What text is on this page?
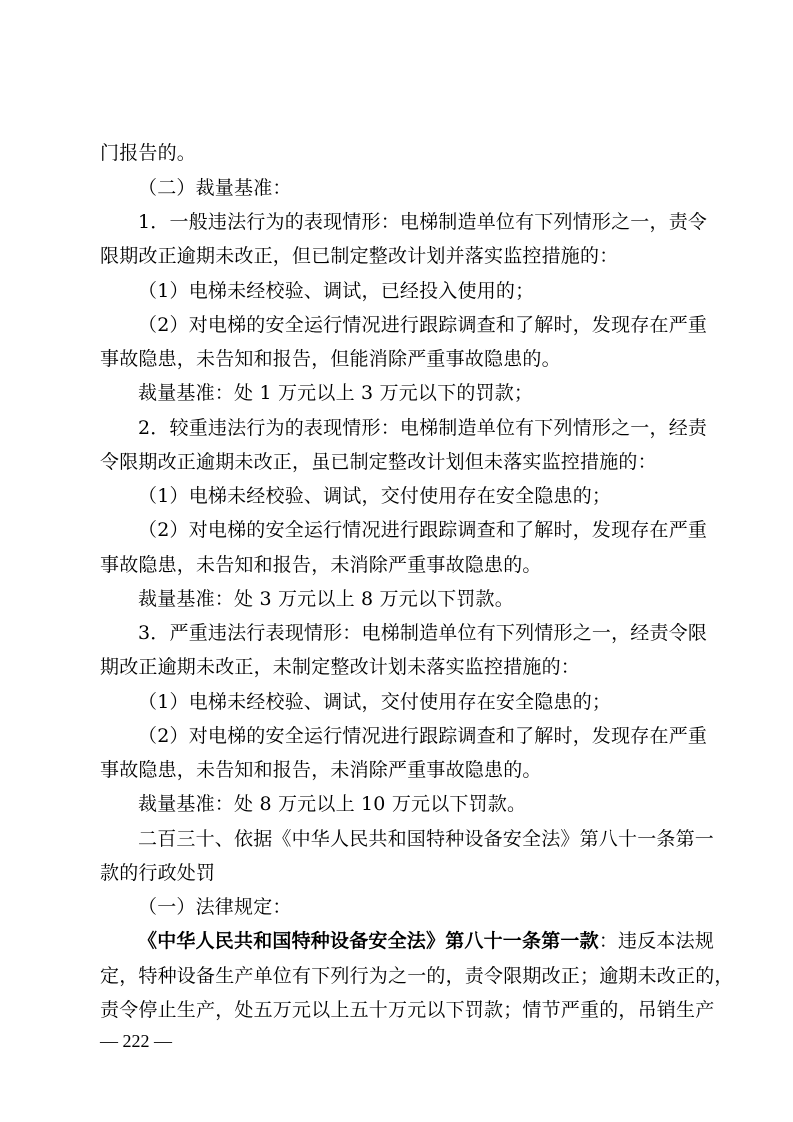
门报告的。
（二）裁量基准：
1．一般违法行为的表现情形：电梯制造单位有下列情形之一，责令
限期改正逾期未改正，但已制定整改计划并落实监控措施的：
（1）电梯未经校验、调试，已经投入使用的；
（2）对电梯的安全运行情况进行跟踪调查和了解时，发现存在严重
事故隐患，未告知和报告，但能消除严重事故隐患的。
裁量基准：处 1 万元以上 3 万元以下的罚款；
2．较重违法行为的表现情形：电梯制造单位有下列情形之一，经责
令限期改正逾期未改正，虽已制定整改计划但未落实监控措施的：
（1）电梯未经校验、调试，交付使用存在安全隐患的；
（2）对电梯的安全运行情况进行跟踪调查和了解时，发现存在严重
事故隐患，未告知和报告，未消除严重事故隐患的。
裁量基准：处 3 万元以上 8 万元以下罚款。
3．严重违法行表现情形：电梯制造单位有下列情形之一，经责令限
期改正逾期未改正，未制定整改计划未落实监控措施的：
（1）电梯未经校验、调试，交付使用存在安全隐患的；
（2）对电梯的安全运行情况进行跟踪调查和了解时，发现存在严重
事故隐患，未告知和报告，未消除严重事故隐患的。
裁量基准：处 8 万元以上 10 万元以下罚款。
二百三十、依据《中华人民共和国特种设备安全法》第八十一条第一
款的行政处罚
（一）法律规定：
《中华人民共和国特种设备安全法》第八十一条第一款：违反本法规
定，特种设备生产单位有下列行为之一的，责令限期改正；逾期未改正的，
责令停止生产，处五万元以上五十万元以下罚款；情节严重的，吊销生产
— 222 —
